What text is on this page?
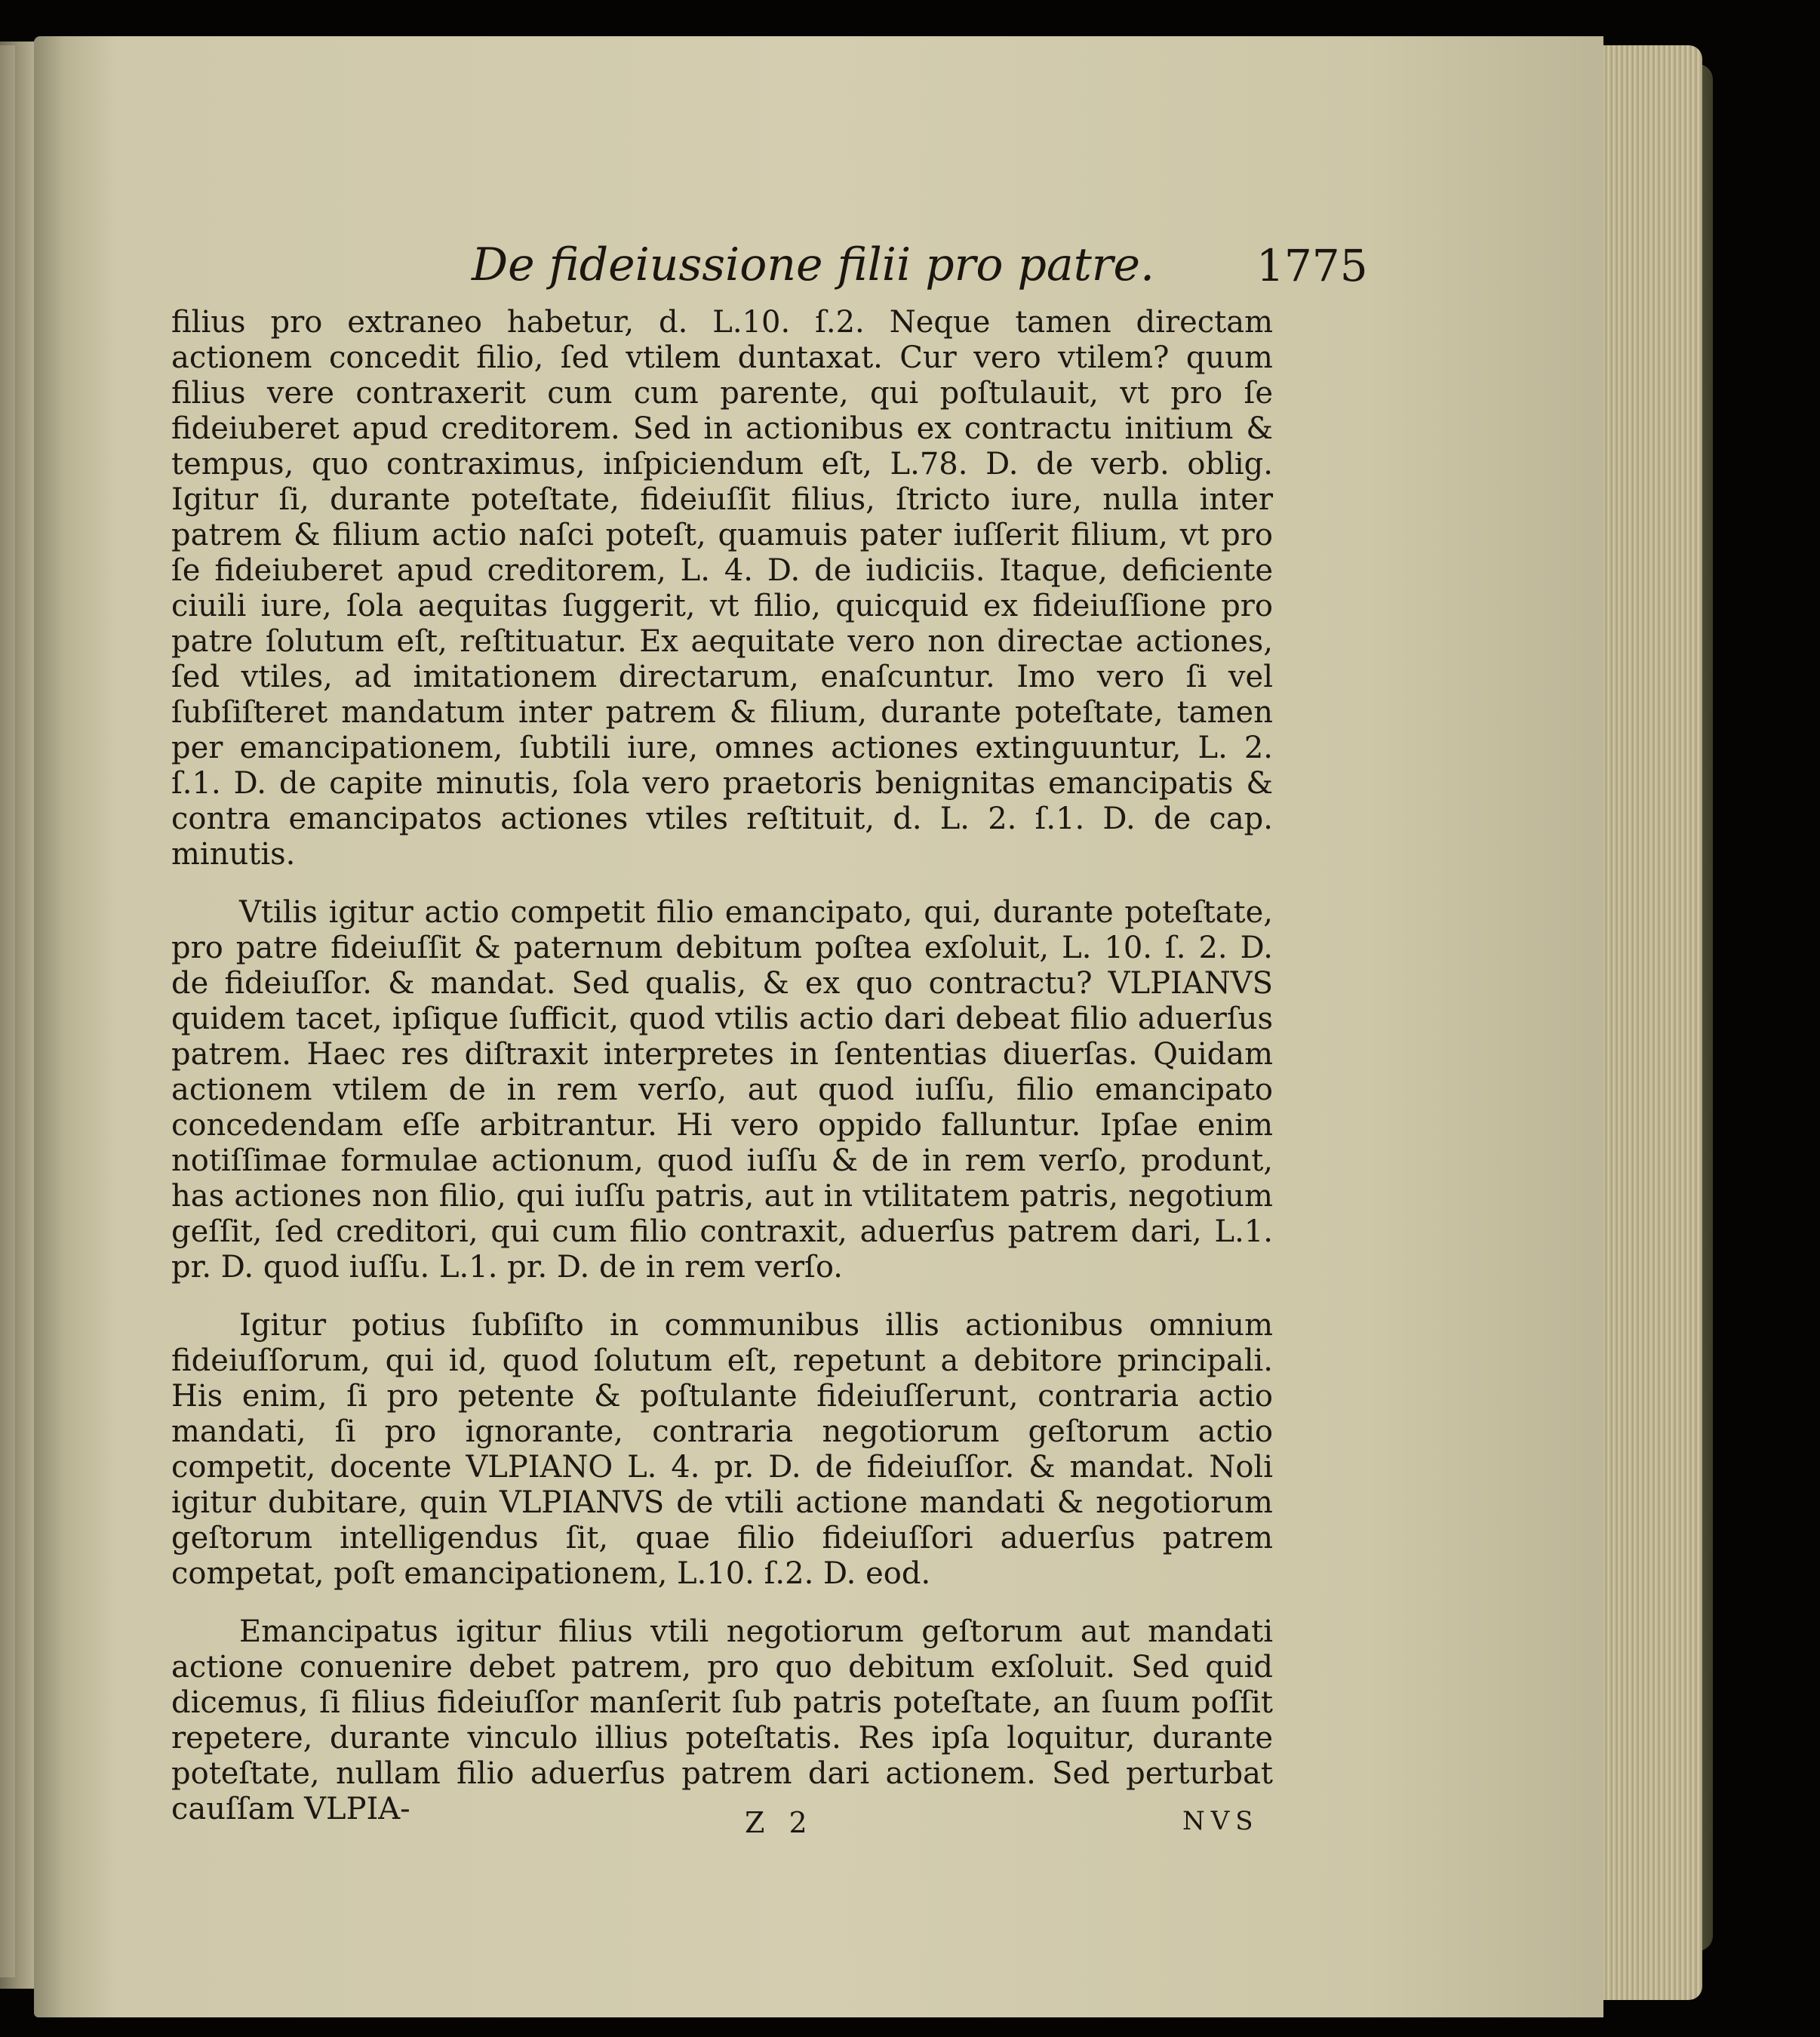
De fideiussione filii pro patre. 1775

filius pro extraneo habetur, d. L.10. ſ.2. Neque tamen directam actionem concedit filio, ſed vtilem duntaxat. Cur vero vtilem? quum filius vere contraxerit cum cum parente, qui poſtulauit, vt pro ſe fideiuberet apud creditorem. Sed in actionibus ex contractu initium & tempus, quo contraximus, inſpiciendum eſt, L.78. D. de verb. oblig. Igitur ſi, durante poteſtate, fideiuſſit filius, ſtricto iure, nulla inter patrem & filium actio naſci poteſt, quamuis pater iuſſerit filium, vt pro ſe fideiuberet apud creditorem, L. 4. D. de iudiciis. Itaque, deficiente ciuili iure, ſola aequitas ſuggerit, vt filio, quicquid ex fideiuſſione pro patre ſolutum eſt, reſtituatur. Ex aequitate vero non directae actiones, ſed vtiles, ad imitationem directarum, enaſcuntur. Imo vero ſi vel ſubſiſteret mandatum inter patrem & filium, durante poteſtate, tamen per emancipationem, ſubtili iure, omnes actiones extinguuntur, L. 2. ſ.1. D. de capite minutis, ſola vero praetoris benignitas emancipatis & contra emancipatos actiones vtiles reſtituit, d. L. 2. ſ.1. D. de cap. minutis.

Vtilis igitur actio competit filio emancipato, qui, durante poteſtate, pro patre fideiuſſit & paternum debitum poſtea exſoluit, L. 10. ſ. 2. D. de fideiuſſor. & mandat. Sed qualis, & ex quo contractu? VLPIANVS quidem tacet, ipſique ſufficit, quod vtilis actio dari debeat filio aduerſus patrem. Haec res diſtraxit interpretes in ſententias diuerſas. Quidam actionem vtilem de in rem verſo, aut quod iuſſu, filio emancipato concedendam eſſe arbitrantur. Hi vero oppido falluntur. Ipſae enim notiſſimae formulae actionum, quod iuſſu & de in rem verſo, produnt, has actiones non filio, qui iuſſu patris, aut in vtilitatem patris, negotium geſſit, ſed creditori, qui cum filio contraxit, aduerſus patrem dari, L.1. pr. D. quod iuſſu. L.1. pr. D. de in rem verſo.

Igitur potius ſubſiſto in communibus illis actionibus omnium fideiuſſorum, qui id, quod ſolutum eſt, repetunt a debitore principali. His enim, ſi pro petente & poſtulante fideiuſſerunt, contraria actio mandati, ſi pro ignorante, contraria negotiorum geſtorum actio competit, docente VLPIANO L. 4. pr. D. de fideiuſſor. & mandat. Noli igitur dubitare, quin VLPIANVS de vtili actione mandati & negotiorum geſtorum intelligendus ſit, quae filio fideiuſſori aduerſus patrem competat, poſt emancipationem, L.10. ſ.2. D. eod.

Emancipatus igitur filius vtili negotiorum geſtorum aut mandati actione conuenire debet patrem, pro quo debitum exſoluit. Sed quid dicemus, ſi filius fideiuſſor manſerit ſub patris poteſtate, an ſuum poſſit repetere, durante vinculo illius poteſtatis. Res ipſa loquitur, durante poteſtate, nullam filio aduerſus patrem dari actionem. Sed perturbat cauſſam VLPIA-	Z 2	NVS
